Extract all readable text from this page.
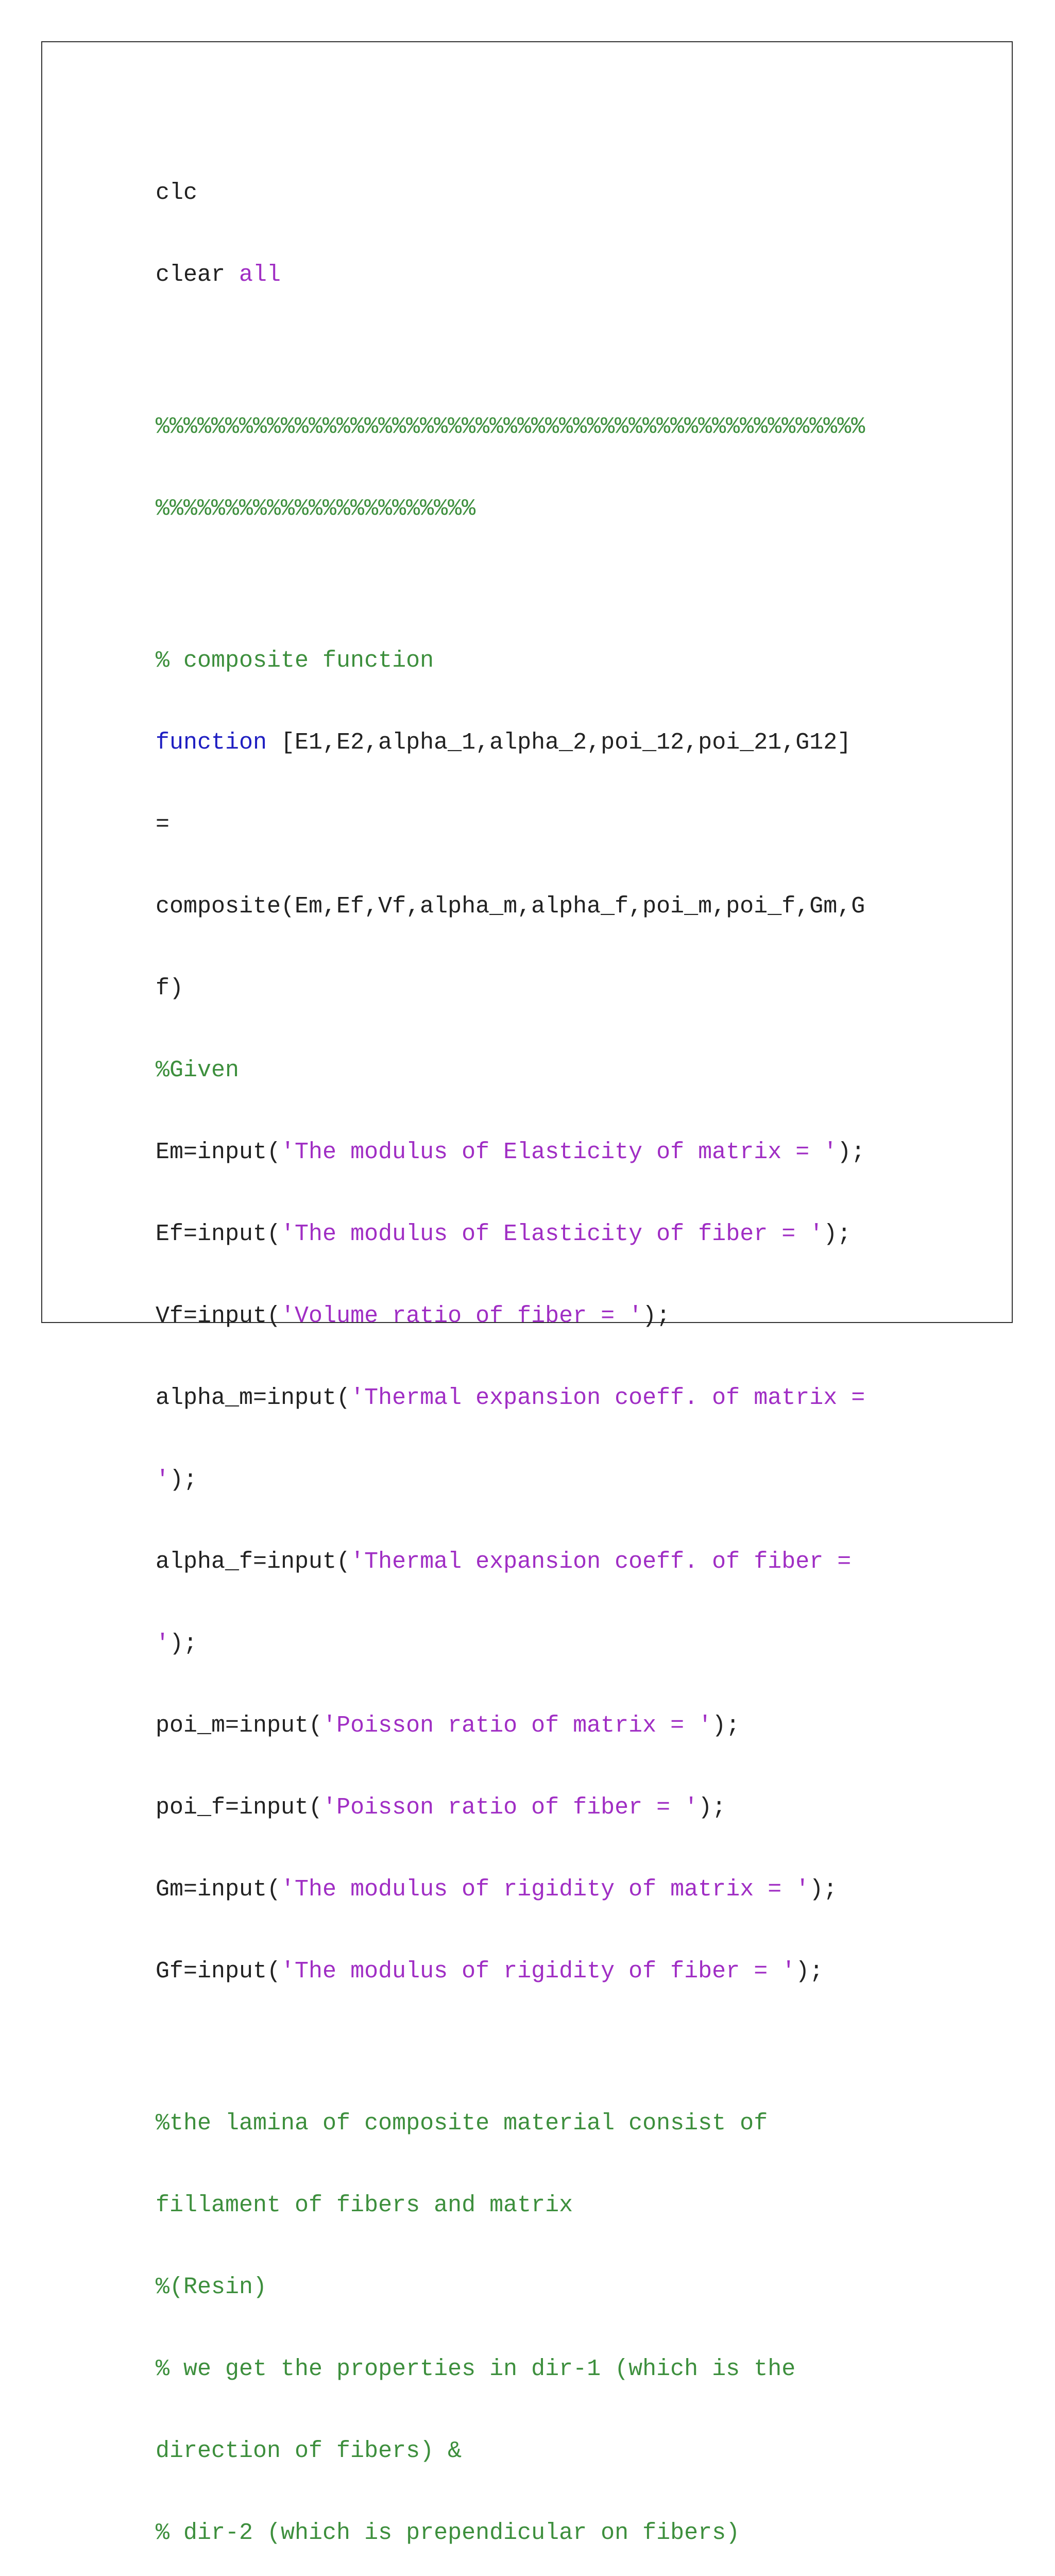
clc

clear all

%%%%%%%%%%%%%%%%%%%%%%%%%%%%%%%%%%%%%%%%%%%%%%%%%%%

%%%%%%%%%%%%%%%%%%%%%%%

% composite function

function [E1,E2,alpha_1,alpha_2,poi_12,poi_21,G12]

=

composite(Em,Ef,Vf,alpha_m,alpha_f,poi_m,poi_f,Gm,G

f)

%Given

Em=input('The modulus of Elasticity of matrix = ');

Ef=input('The modulus of Elasticity of fiber = ');

Vf=input('Volume ratio of fiber = ');

alpha_m=input('Thermal expansion coeff. of matrix =

');

alpha_f=input('Thermal expansion coeff. of fiber =

');

poi_m=input('Poisson ratio of matrix = ');

poi_f=input('Poisson ratio of fiber = ');

Gm=input('The modulus of rigidity of matrix = ');

Gf=input('The modulus of rigidity of fiber = ');

%the lamina of composite material consist of

fillament of fibers and matrix

%(Resin)

% we get the properties in dir-1 (which is the

direction of fibers) &

% dir-2 (which is prependicular on fibers)
